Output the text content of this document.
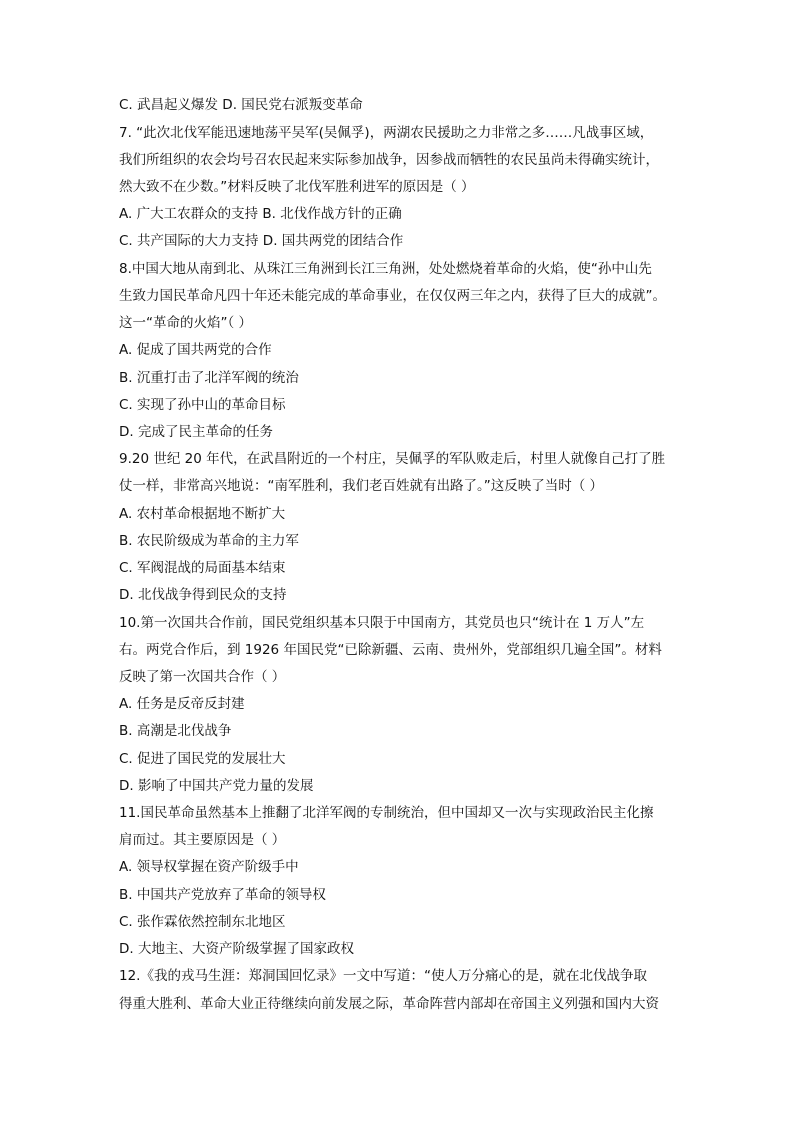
C. 武昌起义爆发 D. 国民党右派叛变革命
7. “此次北伐军能迅速地荡平吴军(吴佩孚)，两湖农民援助之力非常之多……凡战事区域，
我们所组织的农会均号召农民起来实际参加战争，因参战而牺牲的农民虽尚未得确实统计，
然大致不在少数。”材料反映了北伐军胜利进军的原因是（ ）
A. 广大工农群众的支持 B. 北伐作战方针的正确
C. 共产国际的大力支持 D. 国共两党的团结合作
8.中国大地从南到北、从珠江三角洲到长江三角洲，处处燃烧着革命的火焰，使“孙中山先
生致力国民革命凡四十年还未能完成的革命事业，在仅仅两三年之内，获得了巨大的成就”。
这一“革命的火焰”（ ）
A. 促成了国共两党的合作
B. 沉重打击了北洋军阀的统治
C. 实现了孙中山的革命目标
D. 完成了民主革命的任务
9.20 世纪 20 年代，在武昌附近的一个村庄，吴佩孚的军队败走后，村里人就像自己打了胜
仗一样，非常高兴地说：“南军胜利，我们老百姓就有出路了。”这反映了当时（ ）
A. 农村革命根据地不断扩大
B. 农民阶级成为革命的主力军
C. 军阀混战的局面基本结束
D. 北伐战争得到民众的支持
10.第一次国共合作前，国民党组织基本只限于中国南方，其党员也只“统计在 1 万人”左
右。两党合作后，到 1926 年国民党“已除新疆、云南、贵州外，党部组织几遍全国”。材料
反映了第一次国共合作（ ）
A. 任务是反帝反封建
B. 高潮是北伐战争
C. 促进了国民党的发展壮大
D. 影响了中国共产党力量的发展
11.国民革命虽然基本上推翻了北洋军阀的专制统治，但中国却又一次与实现政治民主化擦
肩而过。其主要原因是（ ）
A. 领导权掌握在资产阶级手中
B. 中国共产党放弃了革命的领导权
C. 张作霖依然控制东北地区
D. 大地主、大资产阶级掌握了国家政权
12.《我的戎马生涯：郑洞国回忆录》一文中写道：“使人万分痛心的是，就在北伐战争取
得重大胜利、革命大业正待继续向前发展之际，革命阵营内部却在帝国主义列强和国内大资
